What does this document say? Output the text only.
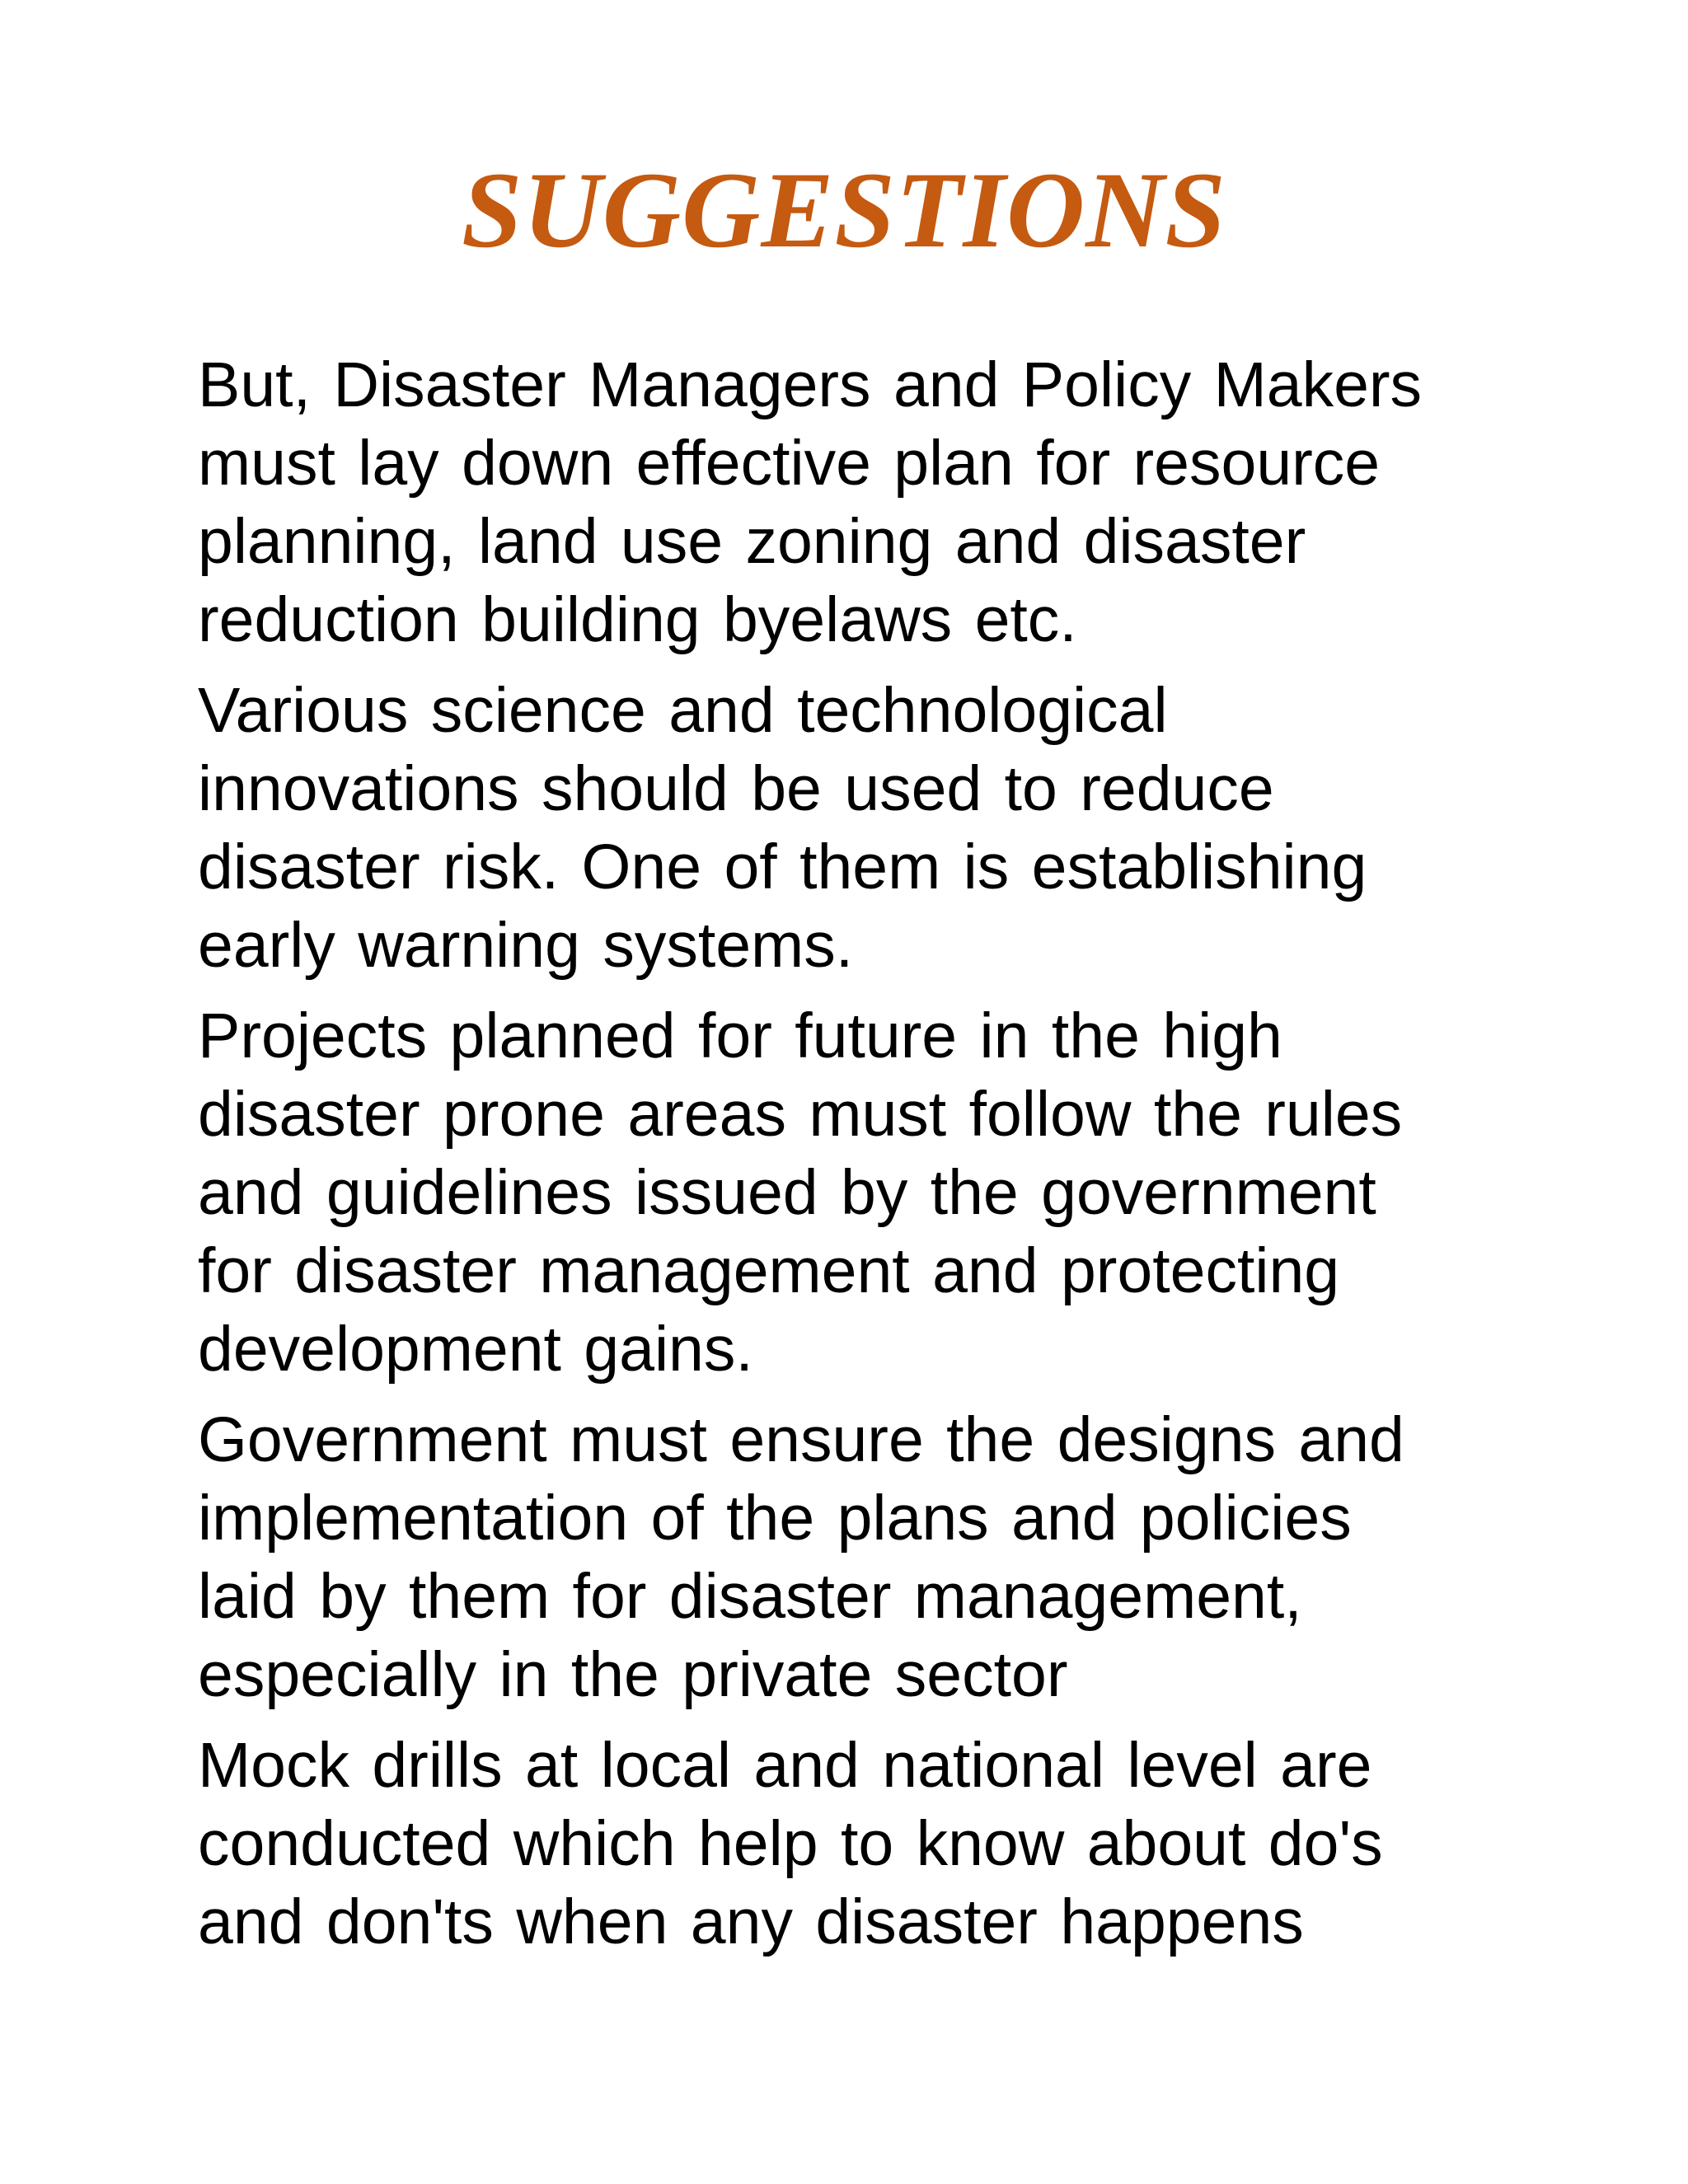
SUGGESTIONS

But, Disaster Managers and Policy Makers
must lay down effective plan for resource
planning, land use zoning and disaster
reduction building byelaws etc.

Various science and technological
innovations should be used to reduce
disaster risk. One of them is establishing
early warning systems.

Projects planned for future in the high
disaster prone areas must follow the rules
and guidelines issued by the government
for disaster management and protecting
development gains.

Government must ensure the designs and
implementation of the plans and policies
laid by them for disaster management,
especially in the private sector

Mock drills at local and national level are
conducted which help to know about do's
and don'ts when any disaster happens
